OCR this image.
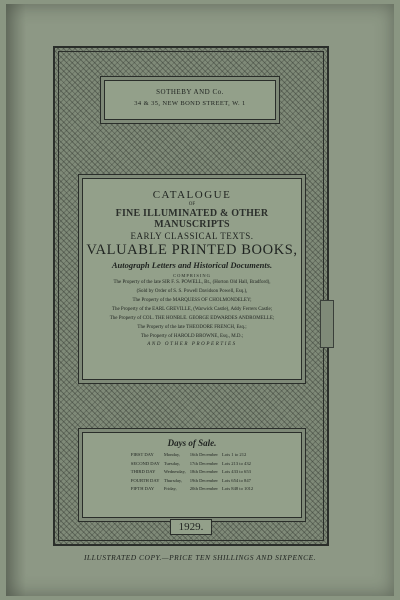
SOTHEBY AND Co.
34 & 35, NEW BOND STREET, W. 1
CATALOGUE
OF
FINE ILLUMINATED & OTHER MANUSCRIPTS
EARLY CLASSICAL TEXTS.
VALUABLE PRINTED BOOKS,
Autograph Letters and Historical Documents.
COMPRISING
The Property of the late SIR F. S. POWELL, Bt., (Horton Old Hall, Bradford),
(Sold by Order of S. S. Powell Davidson Powell, Esq.),
The Property of the MARQUESS OF CHOLMONDELEY;
The Property of the EARL GREVILLE, (Warwick Castle), Addy Ferrers Castle;
The Property of COL. THE HONBLE. GEORGE EDWARDES ANDROMELLE;
The Property of the late THEODORE FRENCH, Esq.;
The Property of HAROLD BROWNE, Esq., M.D.;
AND OTHER PROPERTIES
Days of Sale.
FIRST DAY	Monday,	16th December	Lots 1 to 212
SECOND DAY	Tuesday,	17th December	Lots 213 to 432
THIRD DAY	Wednesday,	18th December	Lots 433 to 653
FOURTH DAY	Thursday,	19th December	Lots 654 to 847
FIFTH DAY	Friday,	20th December	Lots 848 to 1012
1929.
ILLUSTRATED COPY.—PRICE TEN SHILLINGS AND SIXPENCE.
